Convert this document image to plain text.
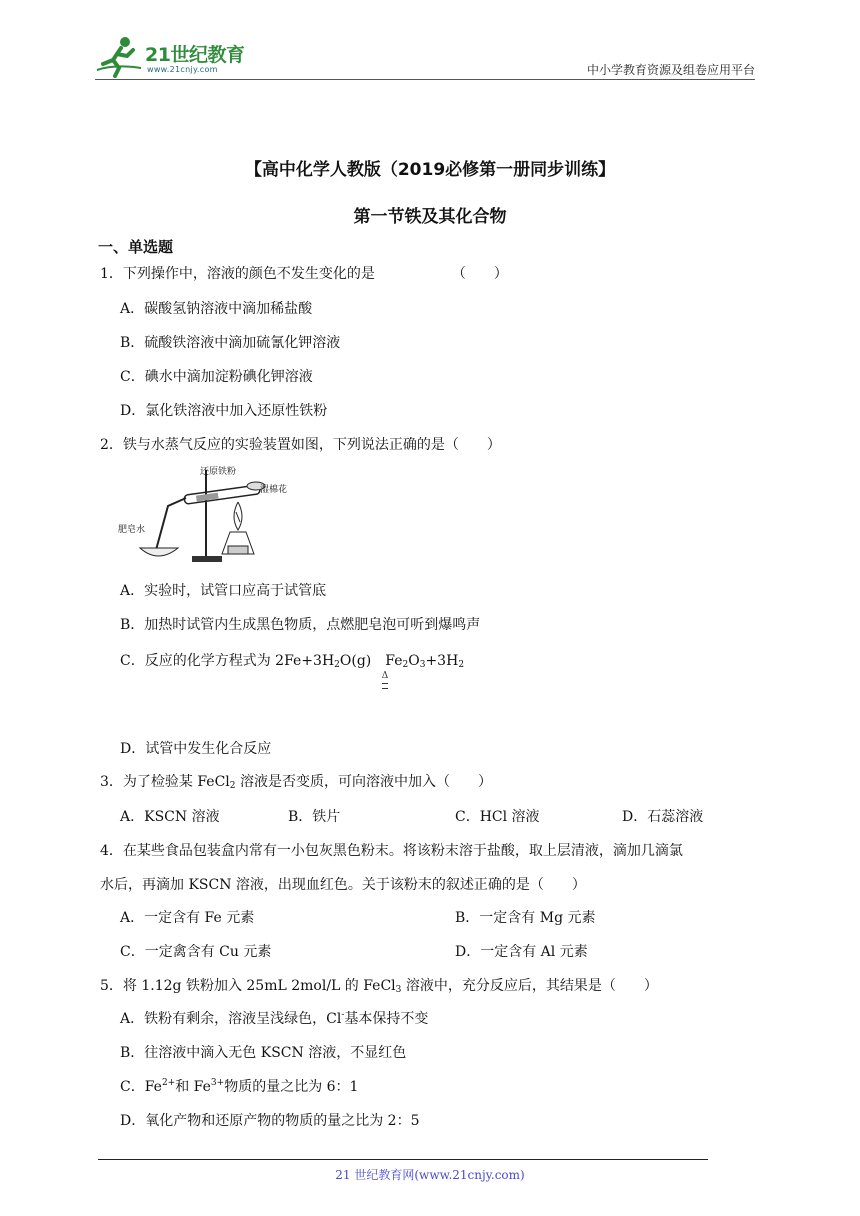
21世纪教育
www.21cnjy.com	中小学教育资源及组卷应用平台
【高中化学人教版（2019必修第一册同步训练】
第一节铁及其化合物
一、单选题
1．下列操作中，溶液的颜色不发生变化的是　　　　　　（　　）
A．碳酸氢钠溶液中滴加稀盐酸
B．硫酸铁溶液中滴加硫氰化钾溶液
C．碘水中滴加淀粉碘化钾溶液
D．氯化铁溶液中加入还原性铁粉
2．铁与水蒸气反应的实验装置如图，下列说法正确的是（　　）
还原铁粉
湿棉花
肥皂水
A．实验时，试管口应高于试管底
B．加热时试管内生成黑色物质，点燃肥皂泡可听到爆鸣声
C．反应的化学方程式为 $2Fe+3H_2O(g)$ $Fe_2O_3+3H_2$
Δ
D．试管中发生化合反应
3．为了检验某 FeCl$_2$ 溶液是否变质，可向溶液中加入（　　）
A．KSCN 溶液	B．铁片	C．HCl 溶液	D．石蕊溶液
4．在某些食品包装盒内常有一小包灰黑色粉末。将该粉末溶于盐酸，取上层清液，滴加几滴氯
水后，再滴加 KSCN 溶液，出现血红色。关于该粉末的叙述正确的是（　　）
A．一定含有 Fe 元素	B．一定含有 Mg 元素
C．一定禽含有 Cu 元素	D．一定含有 Al 元素
5．将 1.12g 铁粉加入 25mL 2mol/L 的 FeCl$_3$ 溶液中，充分反应后，其结果是（　　）
A．铁粉有剩余，溶液呈浅绿色，Cl-基本保持不变
B．往溶液中滴入无色 KSCN 溶液，不显红色
C．$Fe^{2+}$和 $Fe^{3+}$物质的量之比为 6：1
D．氧化产物和还原产物的物质的量之比为 2：5
21 世纪教育网(www.21cnjy.com)
